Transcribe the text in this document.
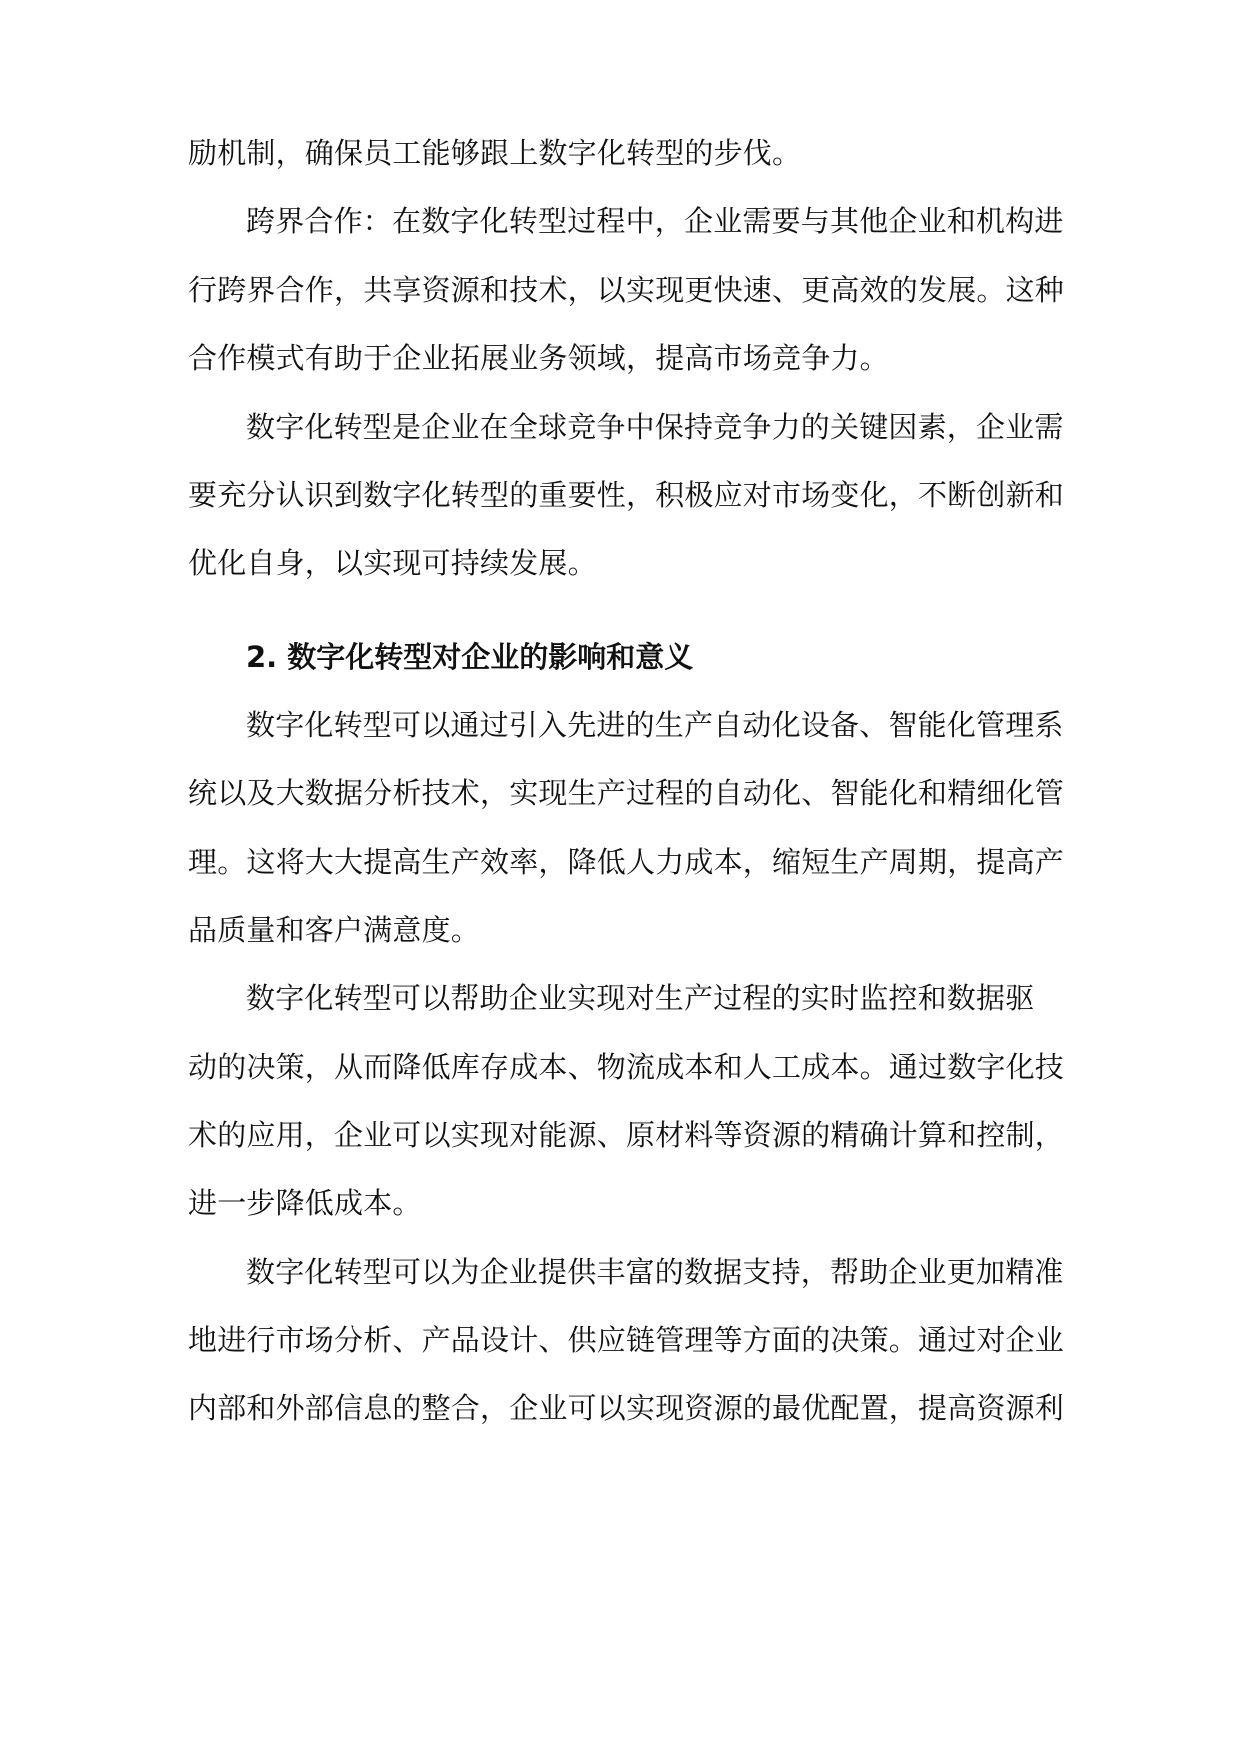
励机制，确保员工能够跟上数字化转型的步伐。
跨界合作：在数字化转型过程中，企业需要与其他企业和机构进
行跨界合作，共享资源和技术，以实现更快速、更高效的发展。这种
合作模式有助于企业拓展业务领域，提高市场竞争力。
数字化转型是企业在全球竞争中保持竞争力的关键因素，企业需
要充分认识到数字化转型的重要性，积极应对市场变化，不断创新和
优化自身，以实现可持续发展。
2. 数字化转型对企业的影响和意义
数字化转型可以通过引入先进的生产自动化设备、智能化管理系
统以及大数据分析技术，实现生产过程的自动化、智能化和精细化管
理。这将大大提高生产效率，降低人力成本，缩短生产周期，提高产
品质量和客户满意度。
数字化转型可以帮助企业实现对生产过程的实时监控和数据驱
动的决策，从而降低库存成本、物流成本和人工成本。通过数字化技
术的应用，企业可以实现对能源、原材料等资源的精确计算和控制，
进一步降低成本。
数字化转型可以为企业提供丰富的数据支持，帮助企业更加精准
地进行市场分析、产品设计、供应链管理等方面的决策。通过对企业
内部和外部信息的整合，企业可以实现资源的最优配置，提高资源利
